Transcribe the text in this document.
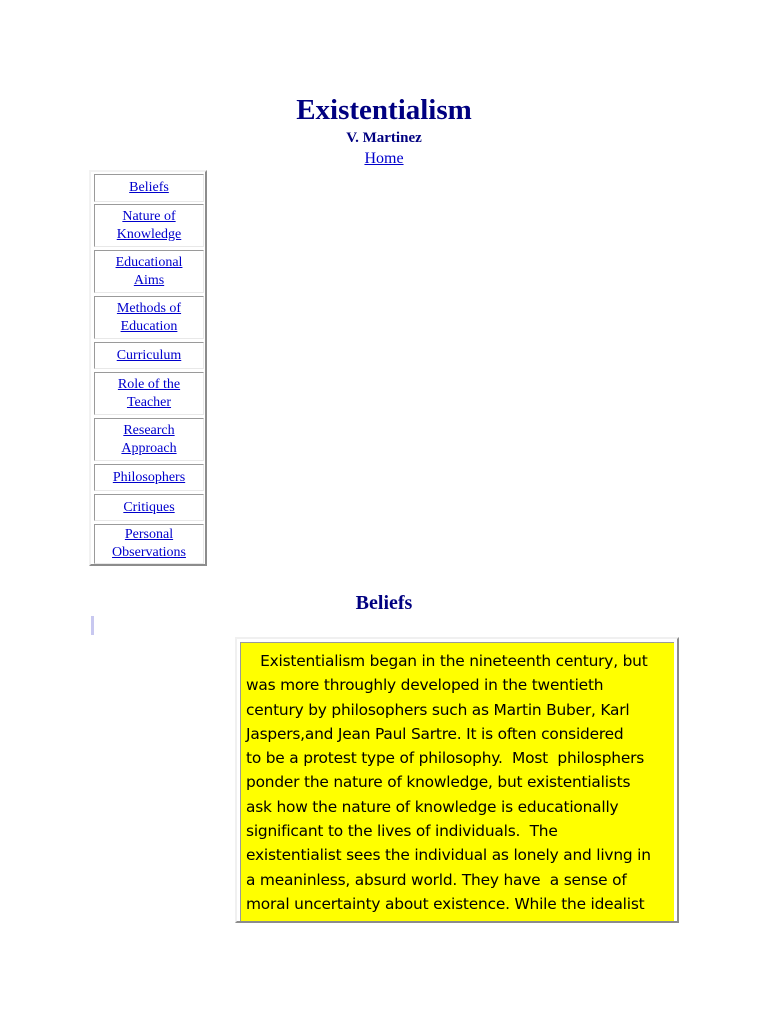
Existentialism
V. Martinez
Home
Beliefs
Nature of
Knowledge
Educational
Aims
Methods of
Education
Curriculum
Role of the
Teacher
Research
Approach
Philosophers
Critiques
Personal
Observations
Beliefs
Existentialism began in the nineteenth century, but
was more throughly developed in the twentieth
century by philosophers such as Martin Buber, Karl
Jaspers,and Jean Paul Sartre. It is often considered
to be a protest type of philosophy.  Most  philosphers
ponder the nature of knowledge, but existentialists
ask how the nature of knowledge is educationally
significant to the lives of individuals.  The
existentialist sees the individual as lonely and livng in
a meaninless, absurd world. They have  a sense of
moral uncertainty about existence. While the idealist
